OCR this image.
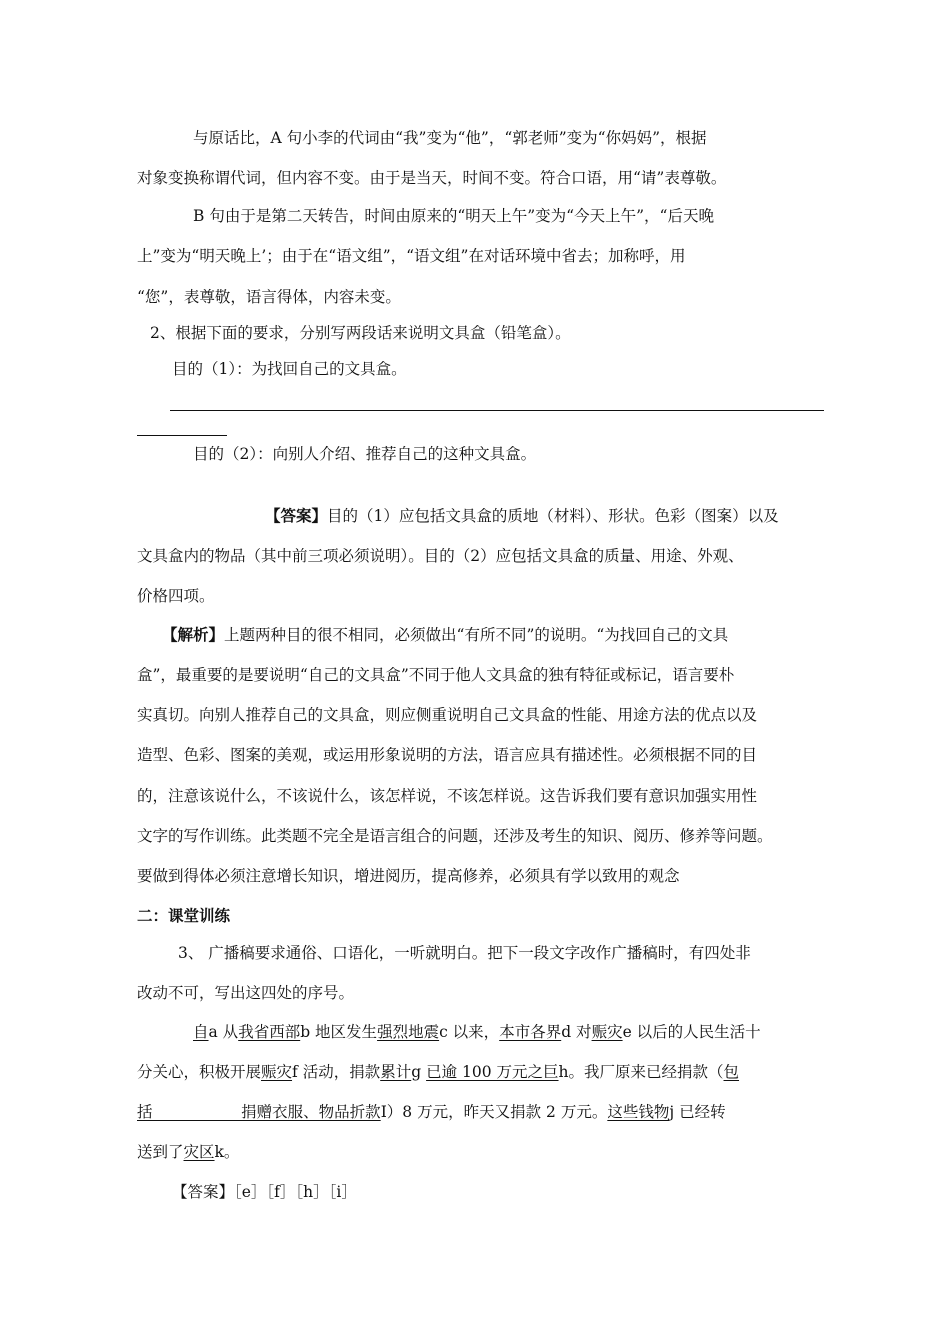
与原话比，A 句小李的代词由“我”变为“他”，“郭老师”变为“你妈妈”，根据
对象变换称谓代词，但内容不变。由于是当天，时间不变。符合口语，用“请”表尊敬。
B 句由于是第二天转告，时间由原来的“明天上午”变为“今天上午”，“后天晚
上”变为“明天晚上’；由于在“语文组”，“语文组”在对话环境中省去；加称呼，用
“您”，表尊敬，语言得体，内容未变。
2、根据下面的要求，分别写两段话来说明文具盒（铅笔盒）。
目的（1）：为找回自己的文具盒。
目的（2）：向别人介绍、推荐自己的这种文具盒。
【答案】目的（1）应包括文具盒的质地（材料）、形状。色彩（图案）以及
文具盒内的物品（其中前三项必须说明）。目的（2）应包括文具盒的质量、用途、外观、
价格四项。
【解析】上题两种目的很不相同，必须做出“有所不同”的说明。“为找回自己的文具
盒”，最重要的是要说明“自己的文具盒”不同于他人文具盒的独有特征或标记，语言要朴
实真切。向别人推荐自己的文具盒，则应侧重说明自己文具盒的性能、用途方法的优点以及
造型、色彩、图案的美观，或运用形象说明的方法，语言应具有描述性。必须根据不同的目
的，注意该说什么，不该说什么，该怎样说，不该怎样说。这告诉我们要有意识加强实用性
文字的写作训练。此类题不完全是语言组合的问题，还涉及考生的知识、阅历、修养等问题。
要做到得体必须注意增长知识，增进阅历，提高修养，必须具有学以致用的观念
二：课堂训练
3、 广播稿要求通俗、口语化，一听就明白。把下一段文字改作广播稿时，有四处非
改动不可，写出这四处的序号。
自a 从我省西部b 地区发生强烈地震c 以来，本市各界d 对赈灾e 以后的人民生活十
分关心，积极开展赈灾f 活动，捐款累计g 已逾 100 万元之巨h。我厂原来已经捐款（包
括                  捐赠衣服、物品折款I）8 万元，昨天又捐款 2 万元。这些钱物j 已经转
送到了灾区k。
【答案】［e］［f］［h］［i］
